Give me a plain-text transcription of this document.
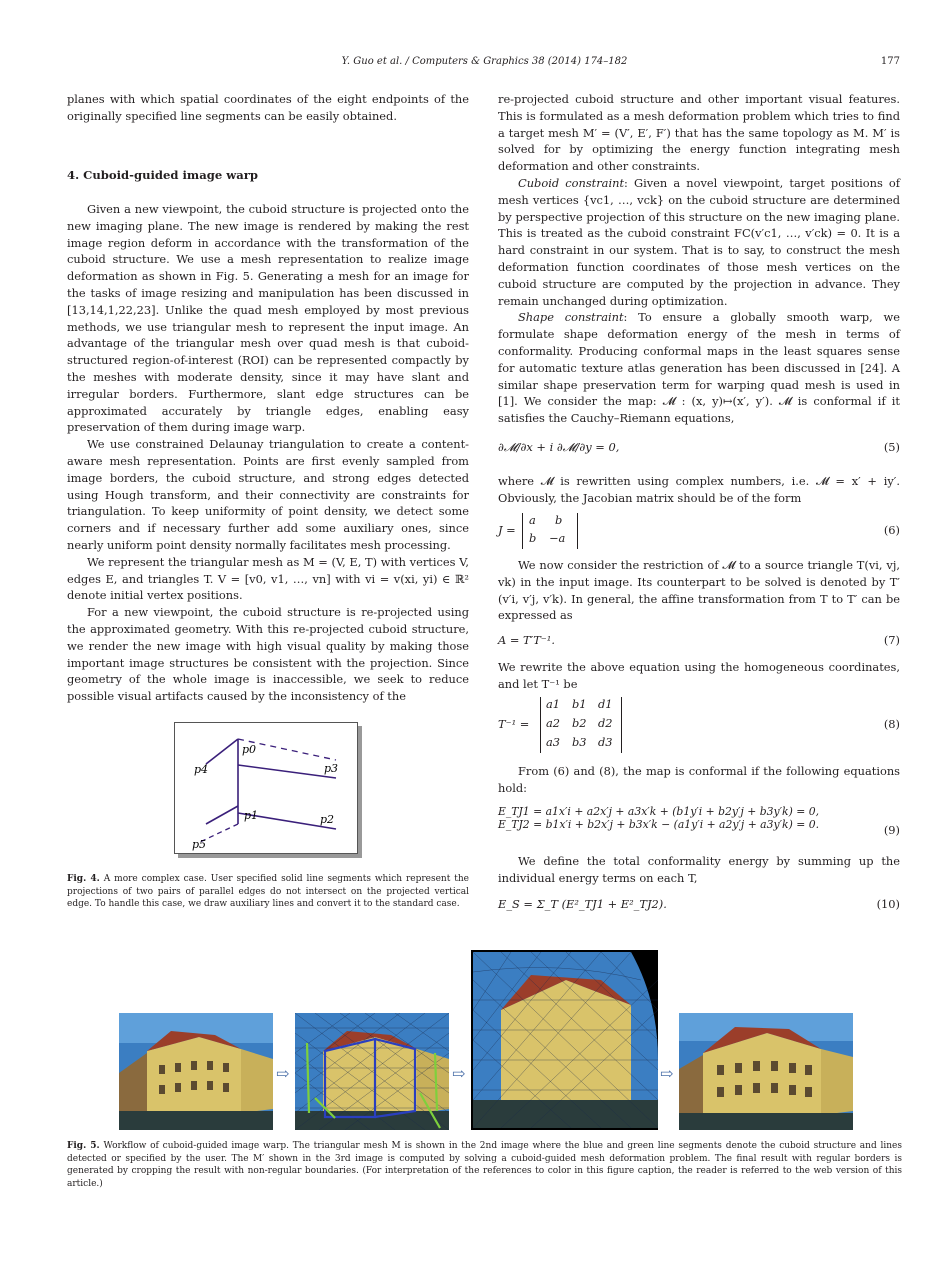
Y. Guo et al. / Computers & Graphics 38 (2014) 174–182	177

planes with which spatial coordinates of the eight endpoints of the originally specified line segments can be easily obtained.

4. Cuboid-guided image warp

Given a new viewpoint, the cuboid structure is projected onto the new imaging plane. The new image is rendered by making the rest image region deform in accordance with the transformation of the cuboid structure. We use a mesh representation to realize image deformation as shown in Fig. 5. Generating a mesh for an image for the tasks of image resizing and manipulation has been discussed in [13,14,1,22,23]. Unlike the quad mesh employed by most previous methods, we use triangular mesh to represent the input image. An advantage of the triangular mesh over quad mesh is that cuboid-structured region-of-interest (ROI) can be represented compactly by the meshes with moderate density, since it may have slant and irregular borders. Furthermore, slant edge structures can be approximated accurately by triangle edges, enabling easy preservation of them during image warp.

We use constrained Delaunay triangulation to create a content-aware mesh representation. Points are first evenly sampled from image borders, the cuboid structure, and strong edges detected using Hough transform, and their connectivity are constraints for triangulation. To keep uniformity of point density, we detect some corners and if necessary further add some auxiliary ones, since nearly uniform point density normally facilitates mesh processing.

We represent the triangular mesh as M = (V, E, T) with vertices V, edges E, and triangles T. V = [v0, v1, …, vn] with vi = v(xi, yi) ∈ ℝ² denote initial vertex positions.

For a new viewpoint, the cuboid structure is re-projected using the approximated geometry. With this re-projected cuboid structure, we render the new image with high visual quality by making those important image structures be consistent with the projection. Since geometry of the whole image is inaccessible, we seek to reduce possible visual artifacts caused by the inconsistency of the

p0
p1	p2
p3
p4
p5
Fig. 4. A more complex case. User specified solid line segments which represent the projections of two pairs of parallel edges do not intersect on the projected vertical edge. To handle this case, we draw auxiliary lines and convert it to the standard case.

re-projected cuboid structure and other important visual features. This is formulated as a mesh deformation problem which tries to find a target mesh M′ = (V′, E′, F′) that has the same topology as M. M′ is solved for by optimizing the energy function integrating mesh deformation and other constraints.

Cuboid constraint: Given a novel viewpoint, target positions of mesh vertices {vc1, …, vck} on the cuboid structure are determined by perspective projection of this structure on the new imaging plane. This is treated as the cuboid constraint FC(v′c1, …, v′ck) = 0. It is a hard constraint in our system. That is to say, to construct the mesh deformation function coordinates of those mesh vertices on the cuboid structure are computed by the projection in advance. They remain unchanged during optimization.

Shape constraint: To ensure a globally smooth warp, we formulate shape deformation energy of the mesh in terms of conformality. Producing conformal maps in the least squares sense for automatic texture atlas generation has been discussed in [24]. A similar shape preservation term for warping quad mesh is used in [1]. We consider the map: 𝓜 : (x, y)↦(x′, y′). 𝓜 is conformal if it satisfies the Cauchy–Riemann equations,

∂𝓜/∂x + i ∂𝓜/∂y = 0,	(5)

where 𝓜 is rewritten using complex numbers, i.e. 𝓜 = x′ + iy′. Obviously, the Jacobian matrix should be of the form

J =
a b
b −a
(6)

We now consider the restriction of 𝓜 to a source triangle T(vi, vj, vk) in the input image. Its counterpart to be solved is denoted by T′(v′i, v′j, v′k). In general, the affine transformation from T to T′ can be expressed as

A = T′T⁻¹.	(7)

We rewrite the above equation using the homogeneous coordinates, and let T⁻¹ be

T⁻¹ =
a1 b1 d1
a2 b2 d2
a3 b3 d3
(8)

From (6) and (8), the map is conformal if the following equations hold:

E_TJ1 = a1x′i + a2x′j + a3x′k + (b1y′i + b2y′j + b3y′k) = 0,
E_TJ2 = b1x′i + b2x′j + b3x′k − (a1y′i + a2y′j + a3y′k) = 0.	(9)

We define the total conformality energy by summing up the individual energy terms on each T,

E_S = Σ_T (E²_TJ1 + E²_TJ2).	(10)
⇨	⇨	⇨
Fig. 5. Workflow of cuboid-guided image warp. The triangular mesh M is shown in the 2nd image where the blue and green line segments denote the cuboid structure and lines detected or specified by the user. The M′ shown in the 3rd image is computed by solving a cuboid-guided mesh deformation problem. The final result with regular borders is generated by cropping the result with non-regular boundaries. (For interpretation of the references to color in this figure caption, the reader is referred to the web version of this article.)
